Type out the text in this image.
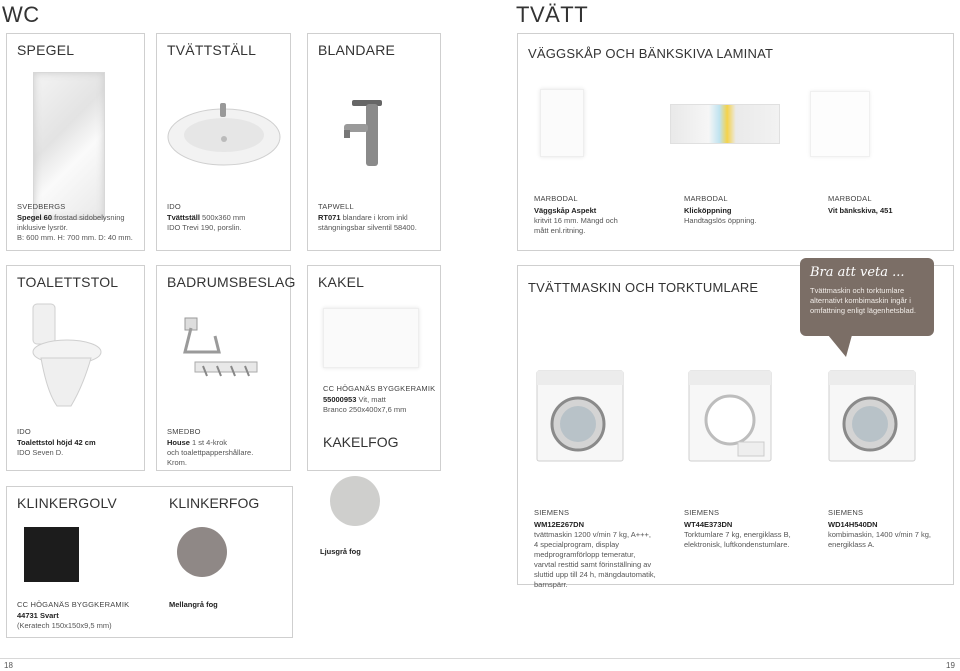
WC	TVÄTT
SPEGEL
SVEDBERGS
Spegel 60 frostad sidobelysning inklusive lysrör.
B: 600 mm. H: 700 mm. D: 40 mm.
TVÄTTSTÄLL
IDO
Tvättställ 500x360 mm
IDO Trevi 190, porslin.
BLANDARE
TAPWELL
RT071 blandare i krom inkl stängningsbar silventil 58400.
VÄGGSKÅP OCH BÄNKSKIVA LAMINAT
MARBODAL
Väggskåp Aspekt
kritvit 16 mm. Mängd och mått enl.ritning.
MARBODAL
Klicköppning
Handtagslös öppning.
MARBODAL
Vit bänkskiva, 451
TOALETTSTOL
IDO
Toalettstol höjd 42 cm
IDO Seven D.
BADRUMSBESLAG
SMEDBO
House 1 st 4-krok
och toalettpappershållare.
Krom.
KAKEL
CC HÖGANÄS BYGGKERAMIK
55000953 Vit, matt
Branco 250x400x7,6 mm
KAKELFOG
TVÄTTMASKIN OCH TORKTUMLARE
SIEMENS
WM12E267DN
tvättmaskin 1200 v/min 7 kg, A+++, 4 specialprogram, display medprogramförlopp temeratur, varvtal resttid samt förinställning av sluttid upp till 24 h, mängdautomatik, barnspärr.
SIEMENS
WT44E373DN
Torktumlare 7 kg, energiklass B, elektronisk, luftkondenstumlare.
SIEMENS
WD14H540DN
kombimaskin, 1400 v/min 7 kg, energiklass A.
Bra att veta ...
Tvättmaskin och torktumlare alternativt kombimaskin ingår i omfattning enligt lägenhetsblad.
KLINKERGOLV	KLINKERFOG
CC HÖGANÄS BYGGKERAMIK
44731 Svart
(Keratech 150x150x9,5 mm)
Mellangrå fog
Ljusgrå fog
18	19
